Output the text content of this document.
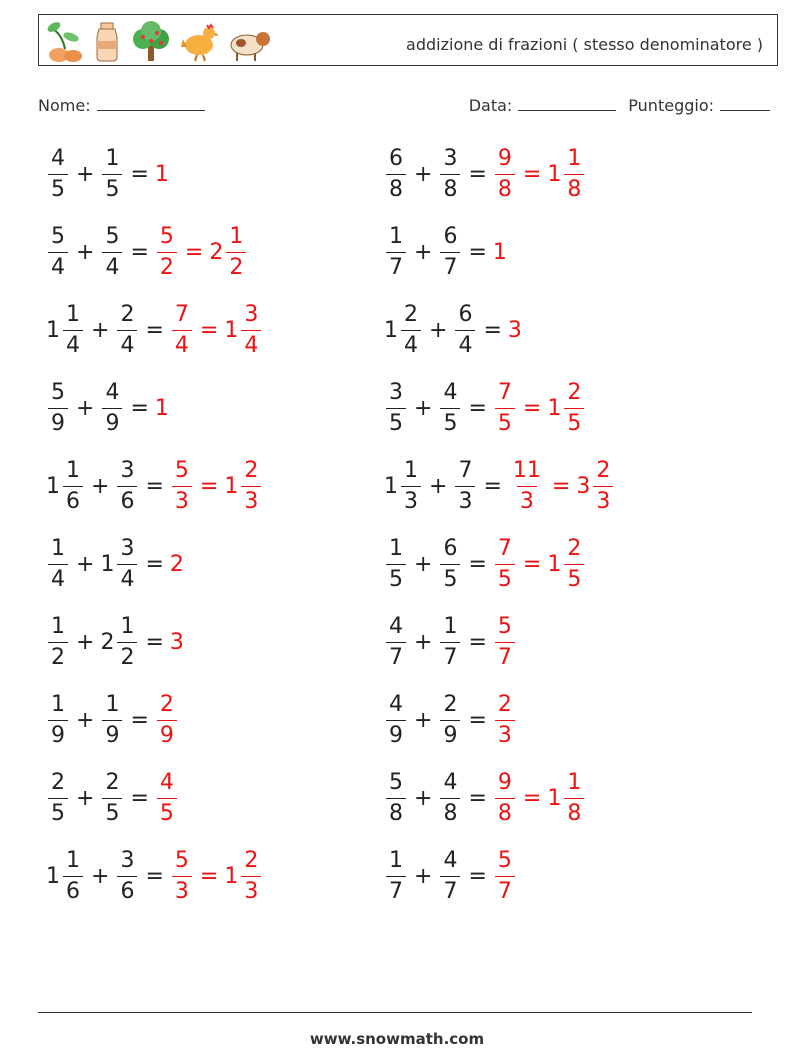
addizione di frazioni ( stesso denominatore )
Nome:	Data:	Punteggio:
$\frac{4}{5} + \frac{1}{5} = 1$	$\frac{6}{8} + \frac{3}{8} = \frac{9}{8} = 1 \frac{1}{8}$
$\frac{5}{4} + \frac{5}{4} = \frac{5}{2} = 2 \frac{1}{2}$	$\frac{1}{7} + \frac{6}{7} = 1$
$1 \frac{1}{4} + \frac{2}{4} = \frac{7}{4} = 1 \frac{3}{4}$	$1 \frac{2}{4} + \frac{6}{4} = 3$
$\frac{5}{9} + \frac{4}{9} = 1$	$\frac{3}{5} + \frac{4}{5} = \frac{7}{5} = 1 \frac{2}{5}$
$1 \frac{1}{6} + \frac{3}{6} = \frac{5}{3} = 1 \frac{2}{3}$	$1 \frac{1}{3} + \frac{7}{3} = \frac{11}{3} = 3 \frac{2}{3}$
$\frac{1}{4} + 1 \frac{3}{4} = 2$	$\frac{1}{5} + \frac{6}{5} = \frac{7}{5} = 1 \frac{2}{5}$
$\frac{1}{2} + 2 \frac{1}{2} = 3$	$\frac{4}{7} + \frac{1}{7} = \frac{5}{7}$
$\frac{1}{9} + \frac{1}{9} = \frac{2}{9}$	$\frac{4}{9} + \frac{2}{9} = \frac{2}{3}$
$\frac{2}{5} + \frac{2}{5} = \frac{4}{5}$	$\frac{5}{8} + \frac{4}{8} = \frac{9}{8} = 1 \frac{1}{8}$
$1 \frac{1}{6} + \frac{3}{6} = \frac{5}{3} = 1 \frac{2}{3}$	$\frac{1}{7} + \frac{4}{7} = \frac{5}{7}$
www.snowmath.com
